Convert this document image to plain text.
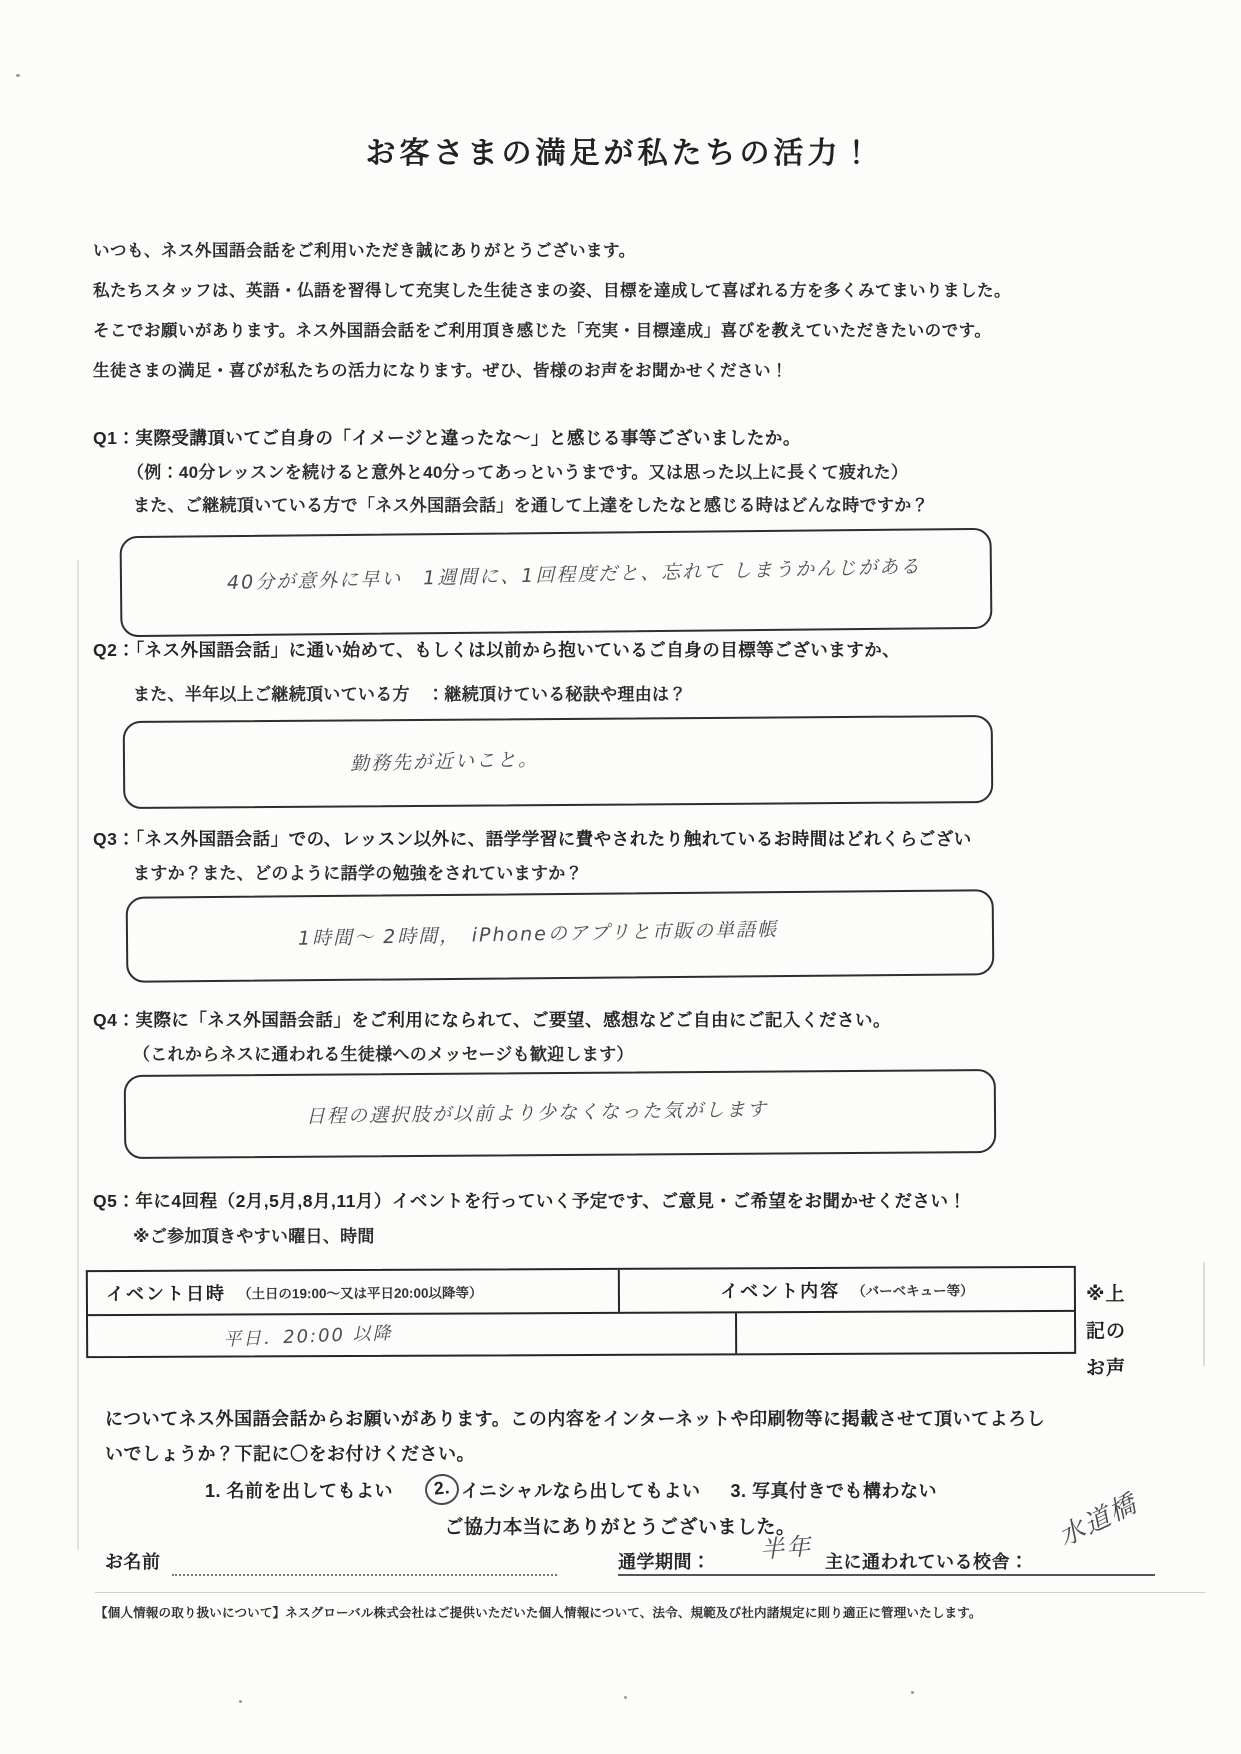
お客さまの満足が私たちの活力！
いつも、ネス外国語会話をご利用いただき誠にありがとうございます。
私たちスタッフは、英語・仏語を習得して充実した生徒さまの姿、目標を達成して喜ばれる方を多くみてまいりました。
そこでお願いがあります。ネス外国語会話をご利用頂き感じた「充実・目標達成」喜びを教えていただきたいのです。
生徒さまの満足・喜びが私たちの活力になります。ぜひ、皆様のお声をお聞かせください！
Q1：実際受講頂いてご自身の「イメージと違ったな～」と感じる事等ございましたか。
（例：40分レッスンを続けると意外と40分ってあっというまです。又は思った以上に長くて疲れた）
また、ご継続頂いている方で「ネス外国語会話」を通して上達をしたなと感じる時はどんな時ですか？
40分が意外に早い　1週間に、1回程度だと、忘れて しまうかんじがある
Q2：「ネス外国語会話」に通い始めて、もしくは以前から抱いているご自身の目標等ございますか、
また、半年以上ご継続頂いている方　：継続頂けている秘訣や理由は？
勤務先が近いこと。
Q3：「ネス外国語会話」での、レッスン以外に、語学学習に費やされたり触れているお時間はどれくらござい
ますか？また、どのように語学の勉強をされていますか？
1時間～ 2時間，　iPhoneのアプリと市販の単語帳
Q4：実際に「ネス外国語会話」をご利用になられて、ご要望、感想などご自由にご記入ください。
（これからネスに通われる生徒様へのメッセージも歓迎します）
日程の選択肢が以前より少なくなった気がします
Q5：年に4回程（2月,5月,8月,11月）イベントを行っていく予定です、ご意見・ご希望をお聞かせください！
※ご参加頂きやすい曜日、時間
イベント日時 （土日の19:00～又は平日20:00以降等）	イベント内容 （バーベキュー等）
平日．20:00 以降
※上
記の
お声
についてネス外国語会話からお願いがあります。この内容をインターネットや印刷物等に掲載させて頂いてよろし
いでしょうか？下記に〇をお付けください。
1. 名前を出してもよい	2. イニシャルなら出してもよい 3. 写真付きでも構わない
ご協力本当にありがとうございました。
お名前	通学期間： 半年 主に通われている校舎：
水道橋
【個人情報の取り扱いについて】ネスグローバル株式会社はご提供いただいた個人情報について、法令、規範及び社内諸規定に則り適正に管理いたします。
